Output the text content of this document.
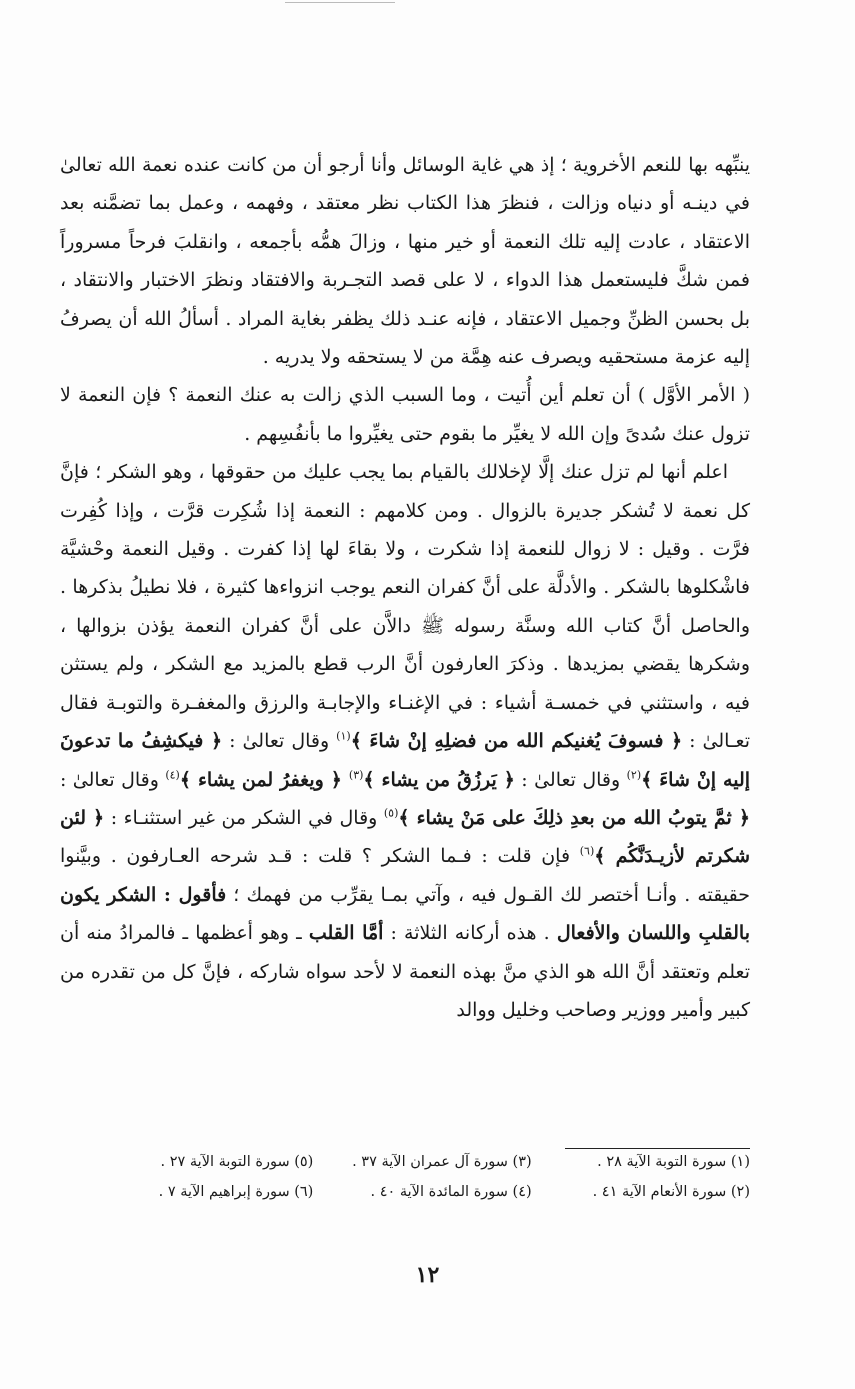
ينبِّهه بها للنعم الأخروية ؛ إذ هي غاية الوسائل وأنا أرجو أن من كانت عنده نعمة الله تعالىٰ في دينـه أو دنياه وزالت ، فنظرَ هذا الكتاب نظر معتقد ، وفهمه ، وعمل بما تضمَّنه بعد الاعتقاد ، عادت إليه تلك النعمة أو خير منها ، وزالَ همُّه بأجمعه ، وانقلبَ فرحاً مسروراً فمن شكَّ فليستعمل هذا الدواء ، لا على قصد التجـربة والافتقاد ونظرَ الاختبار والانتقاد ، بل بحسن الظنِّ وجميل الاعتقاد ، فإنه عنـد ذلك يظفر بغاية المراد . أسألُ الله أن يصرفُ إليه عزمة مستحقيه ويصرف عنه هِمَّة من لا يستحقه ولا يدريه .

( الأمر الأوَّل ) أن تعلم أين أُتيت ، وما السبب الذي زالت به عنك النعمة ؟ فإن النعمة لا تزول عنك سُدىً وإن الله لا يغيِّر ما بقوم حتى يغيِّروا ما بأنفُسِهم .

اعلم أنها لم تزل عنك إلَّا لإخلالك بالقيام بما يجب عليك من حقوقها ، وهو الشكر ؛ فإنَّ كل نعمة لا تُشكر جديرة بالزوال . ومن كلامهم : النعمة إذا شُكِرت قرَّت ، وإذا كُفِرت فرَّت . وقيل : لا زوال للنعمة إذا شكرت ، ولا بقاءَ لها إذا كفرت . وقيل النعمة وحْشيَّة فاشْكلوها بالشكر . والأدلَّة على أنَّ كفران النعم يوجب انزواءها كثيرة ، فلا نطيلُ بذكرها . والحاصل أنَّ كتاب الله وسنَّة رسوله ﷺ دالاَّن على أنَّ كفران النعمة يؤذن بزوالها ، وشكرها يقضي بمزيدها . وذكرَ العارفون أنَّ الرب قطع بالمزيد مع الشكر ، ولم يستثن فيه ، واستثني في خمسـة أشياء : في الإغنـاء والإجابـة والرزق والمغفـرة والتوبـة فقال تعـالىٰ : ﴿ فسوفَ يُغنيكم الله من فضلِهِ إنْ شاءَ ﴾$^{(١)}$ وقال تعالىٰ : ﴿ فيكشِفُ ما تدعونَ إليه إنْ شاءَ ﴾$^{(٢)}$ وقال تعالىٰ : ﴿ يَرزُقُ من يشاء ﴾$^{(٣)}$ ﴿ ويغفرُ لمن يشاء ﴾$^{(٤)}$ وقال تعالىٰ : ﴿ ثمَّ يتوبُ الله من بعدِ ذلِكَ على مَنْ يشاء ﴾$^{(٥)}$ وقال في الشكر من غير استثنـاء : ﴿ لئن شكرتم لأزيـدَنَّكُم ﴾$^{(٦)}$ فإن قلت : فـما الشكر ؟ قلت : قـد شرحه العـارفون . وبيَّنوا حقيقته . وأنـا أختصر لك القـول فيه ، وآتي بمـا يقرِّب من فهمك ؛ فأقول : الشكر يكون بالقلبِ واللسان والأفعال . هذه أركانه الثلاثة : أمَّا القلب ـ وهو أعظمها ـ فالمرادُ منه أن تعلم وتعتقد أنَّ الله هو الذي منَّ بهذه النعمة لا لأحد سواه شاركه ، فإنَّ كل من تقدره من كبير وأمير ووزير وصاحب وخليل ووالد

(١) سورة التوبة الآية ٢٨ .
(٣) سورة آل عمران الآية ٣٧ .
(٥) سورة التوبة الآية ٢٧ .
(٢) سورة الأنعام الآية ٤١ .
(٤) سورة المائدة الآية ٤٠ .
(٦) سورة إبراهيم الآية ٧ .
١٢
